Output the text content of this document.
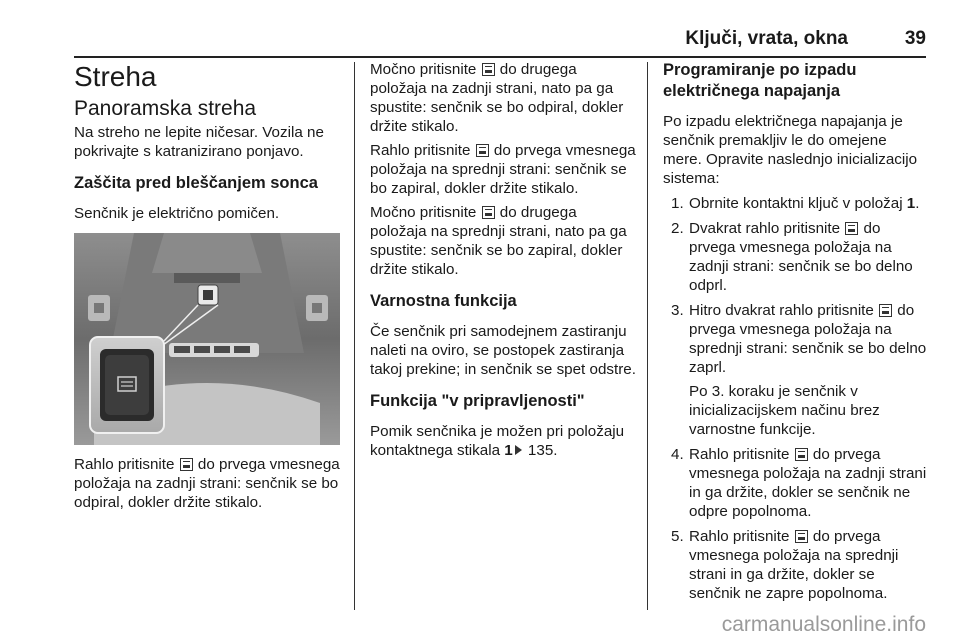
Ključi, vrata, okna	39
Streha
Panoramska streha

Na streho ne lepite ničesar. Vozila ne pokrivajte s katranizirano ponjavo.

Zaščita pred bleščanjem sonca

Senčnik je električno pomičen.

Rahlo pritisnite  do prvega vmesnega položaja na zadnji strani: senčnik se bo odpiral, dokler držite stikalo.

Močno pritisnite  do drugega položaja na zadnji strani, nato pa ga spustite: senčnik se bo odpiral, dokler držite stikalo.

Rahlo pritisnite  do prvega vmesnega položaja na sprednji strani: senčnik se bo zapiral, dokler držite stikalo.

Močno pritisnite  do drugega položaja na sprednji strani, nato pa ga spustite: senčnik se bo zapiral, dokler držite stikalo.

Varnostna funkcija

Če senčnik pri samodejnem zastiranju naleti na oviro, se postopek zastiranja takoj prekine; in senčnik se spet odstre.

Funkcija "v pripravljenosti"

Pomik senčnika je možen pri položaju kontaktnega stikala 1 135.

Programiranje po izpadu električnega napajanja

Po izpadu električnega napajanja je senčnik premakljiv le do omejene mere. Opravite naslednjo inicializacijo sistema:

1. Obrnite kontaktni ključ v položaj 1.
2. Dvakrat rahlo pritisnite  do prvega vmesnega položaja na zadnji strani: senčnik se bo delno odprl.
3. Hitro dvakrat rahlo pritisnite  do prvega vmesnega položaja na sprednji strani: senčnik se bo delno zaprl.

Po 3. koraku je senčnik v inicializacijskem načinu brez varnostne funkcije.

4. Rahlo pritisnite  do prvega vmesnega položaja na zadnji strani in ga držite, dokler se senčnik ne odpre popolnoma.
5. Rahlo pritisnite  do prvega vmesnega položaja na sprednji strani in ga držite, dokler se senčnik ne zapre popolnoma.
carmanualsonline.info
